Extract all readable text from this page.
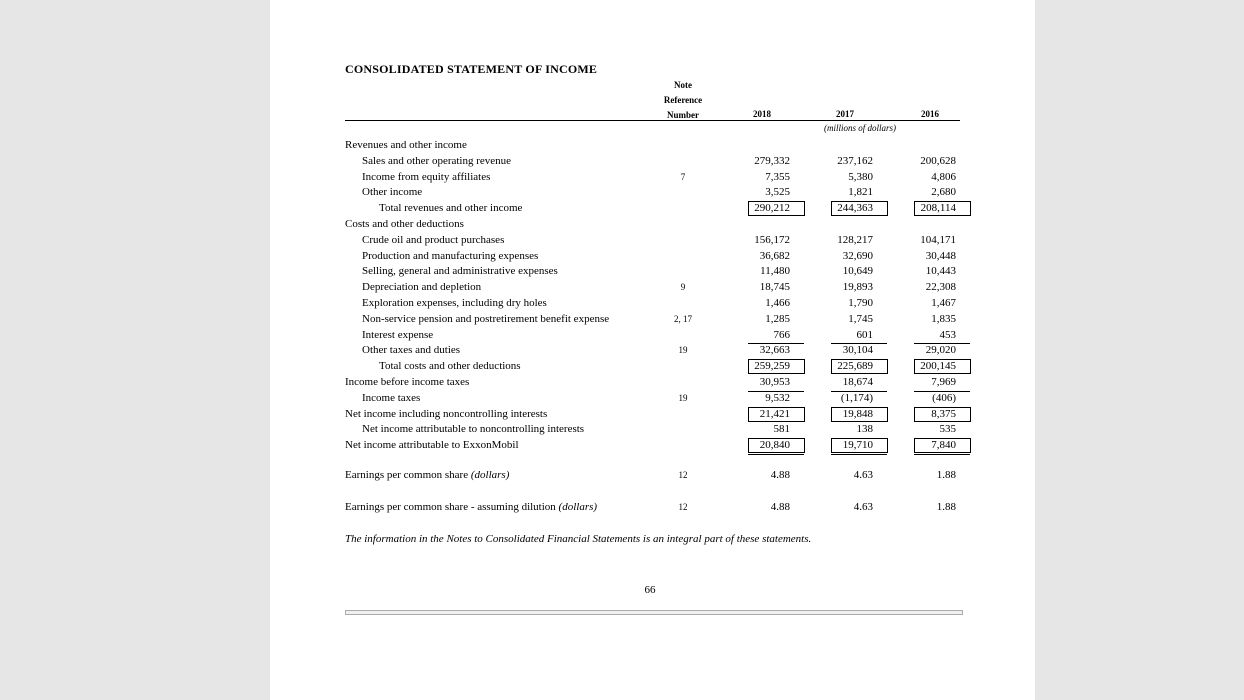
CONSOLIDATED STATEMENT OF INCOME
Note
Reference
Number	2018	2017	2016
(millions of dollars)
Revenues and other income
Sales and other operating revenue	279,332	237,162	200,628
Income from equity affiliates	7	7,355	5,380	4,806
Other income	3,525	1,821	2,680
Total revenues and other income	290,212	244,363	208,114
Costs and other deductions
Crude oil and product purchases	156,172	128,217	104,171
Production and manufacturing expenses	36,682	32,690	30,448
Selling, general and administrative expenses	11,480	10,649	10,443
Depreciation and depletion	9	18,745	19,893	22,308
Exploration expenses, including dry holes	1,466	1,790	1,467
Non-service pension and postretirement benefit expense	2, 17	1,285	1,745	1,835
Interest expense	766	601	453
Other taxes and duties	19	32,663	30,104	29,020
Total costs and other deductions	259,259	225,689	200,145
Income before income taxes	30,953	18,674	7,969
Income taxes	19	9,532	(1,174)	(406)
Net income including noncontrolling interests	21,421	19,848	8,375
Net income attributable to noncontrolling interests	581	138	535
Net income attributable to ExxonMobil	20,840	19,710	7,840
Earnings per common share (dollars)	12	4.88	4.63	1.88
Earnings per common share - assuming dilution (dollars)	12	4.88	4.63	1.88
The information in the Notes to Consolidated Financial Statements is an integral part of these statements.
66
